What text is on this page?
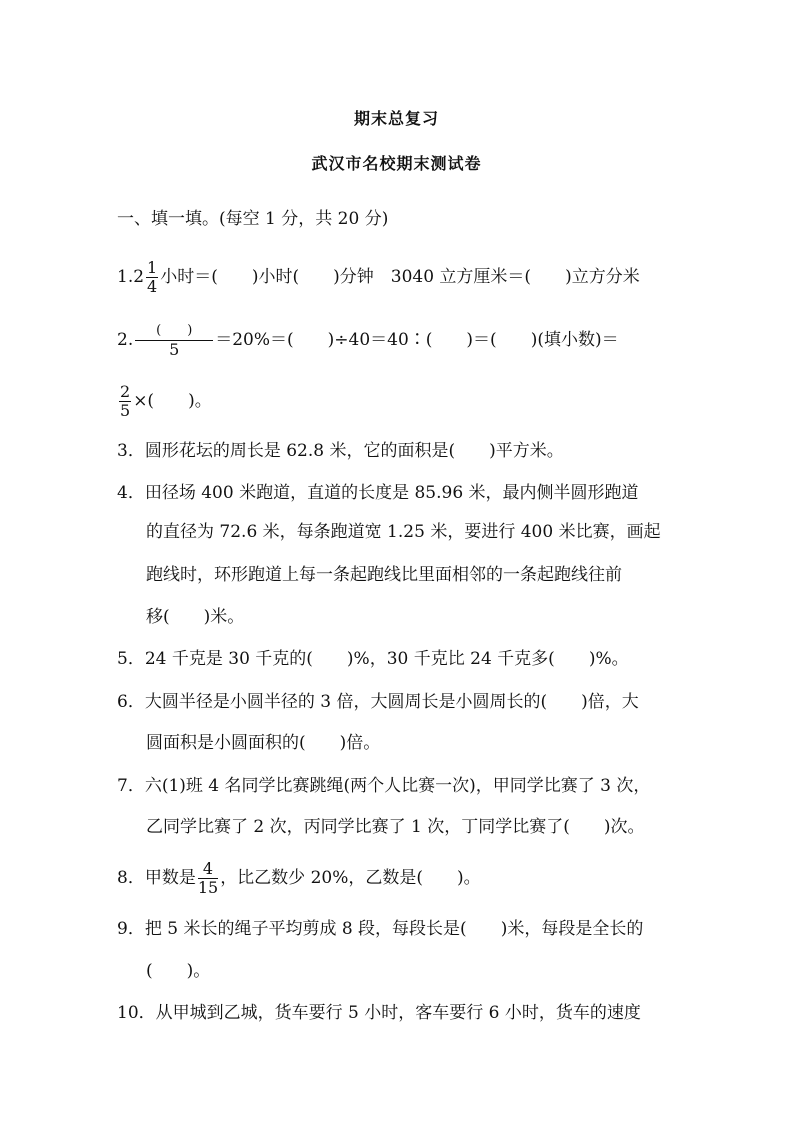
期末总复习
武汉市名校期末测试卷
一、填一填。(每空 1 分，共 20 分)
$1.2 \frac{1}{4}$ 小时＝(　　)小时(　　)分钟　3040 立方厘米＝(　　)立方分米
2. $\frac{( )}{5} =20\%=$(　　)÷40＝40∶(　　)＝(　　)(填小数)＝
$\frac{2}{5}$ ×(　　)。
3．圆形花坛的周长是 62.8 米，它的面积是(　　)平方米。
4．田径场 400 米跑道，直道的长度是 85.96 米，最内侧半圆形跑道
的直径为 72.6 米，每条跑道宽 1.25 米，要进行 400 米比赛，画起
跑线时，环形跑道上每一条起跑线比里面相邻的一条起跑线往前
移(　　)米。
5．24 千克是 30 千克的(　　)%，30 千克比 24 千克多(　　)%。
6．大圆半径是小圆半径的 3 倍，大圆周长是小圆周长的(　　)倍，大
圆面积是小圆面积的(　　)倍。
7．六(1)班 4 名同学比赛跳绳(两个人比赛一次)，甲同学比赛了 3 次，
乙同学比赛了 2 次，丙同学比赛了 1 次，丁同学比赛了(　　)次。
8．甲数是 $\frac{4}{15}$ ，比乙数少 20%，乙数是(　　)。
9．把 5 米长的绳子平均剪成 8 段，每段长是(　　)米，每段是全长的
(　　)。
10．从甲城到乙城，货车要行 5 小时，客车要行 6 小时，货车的速度
